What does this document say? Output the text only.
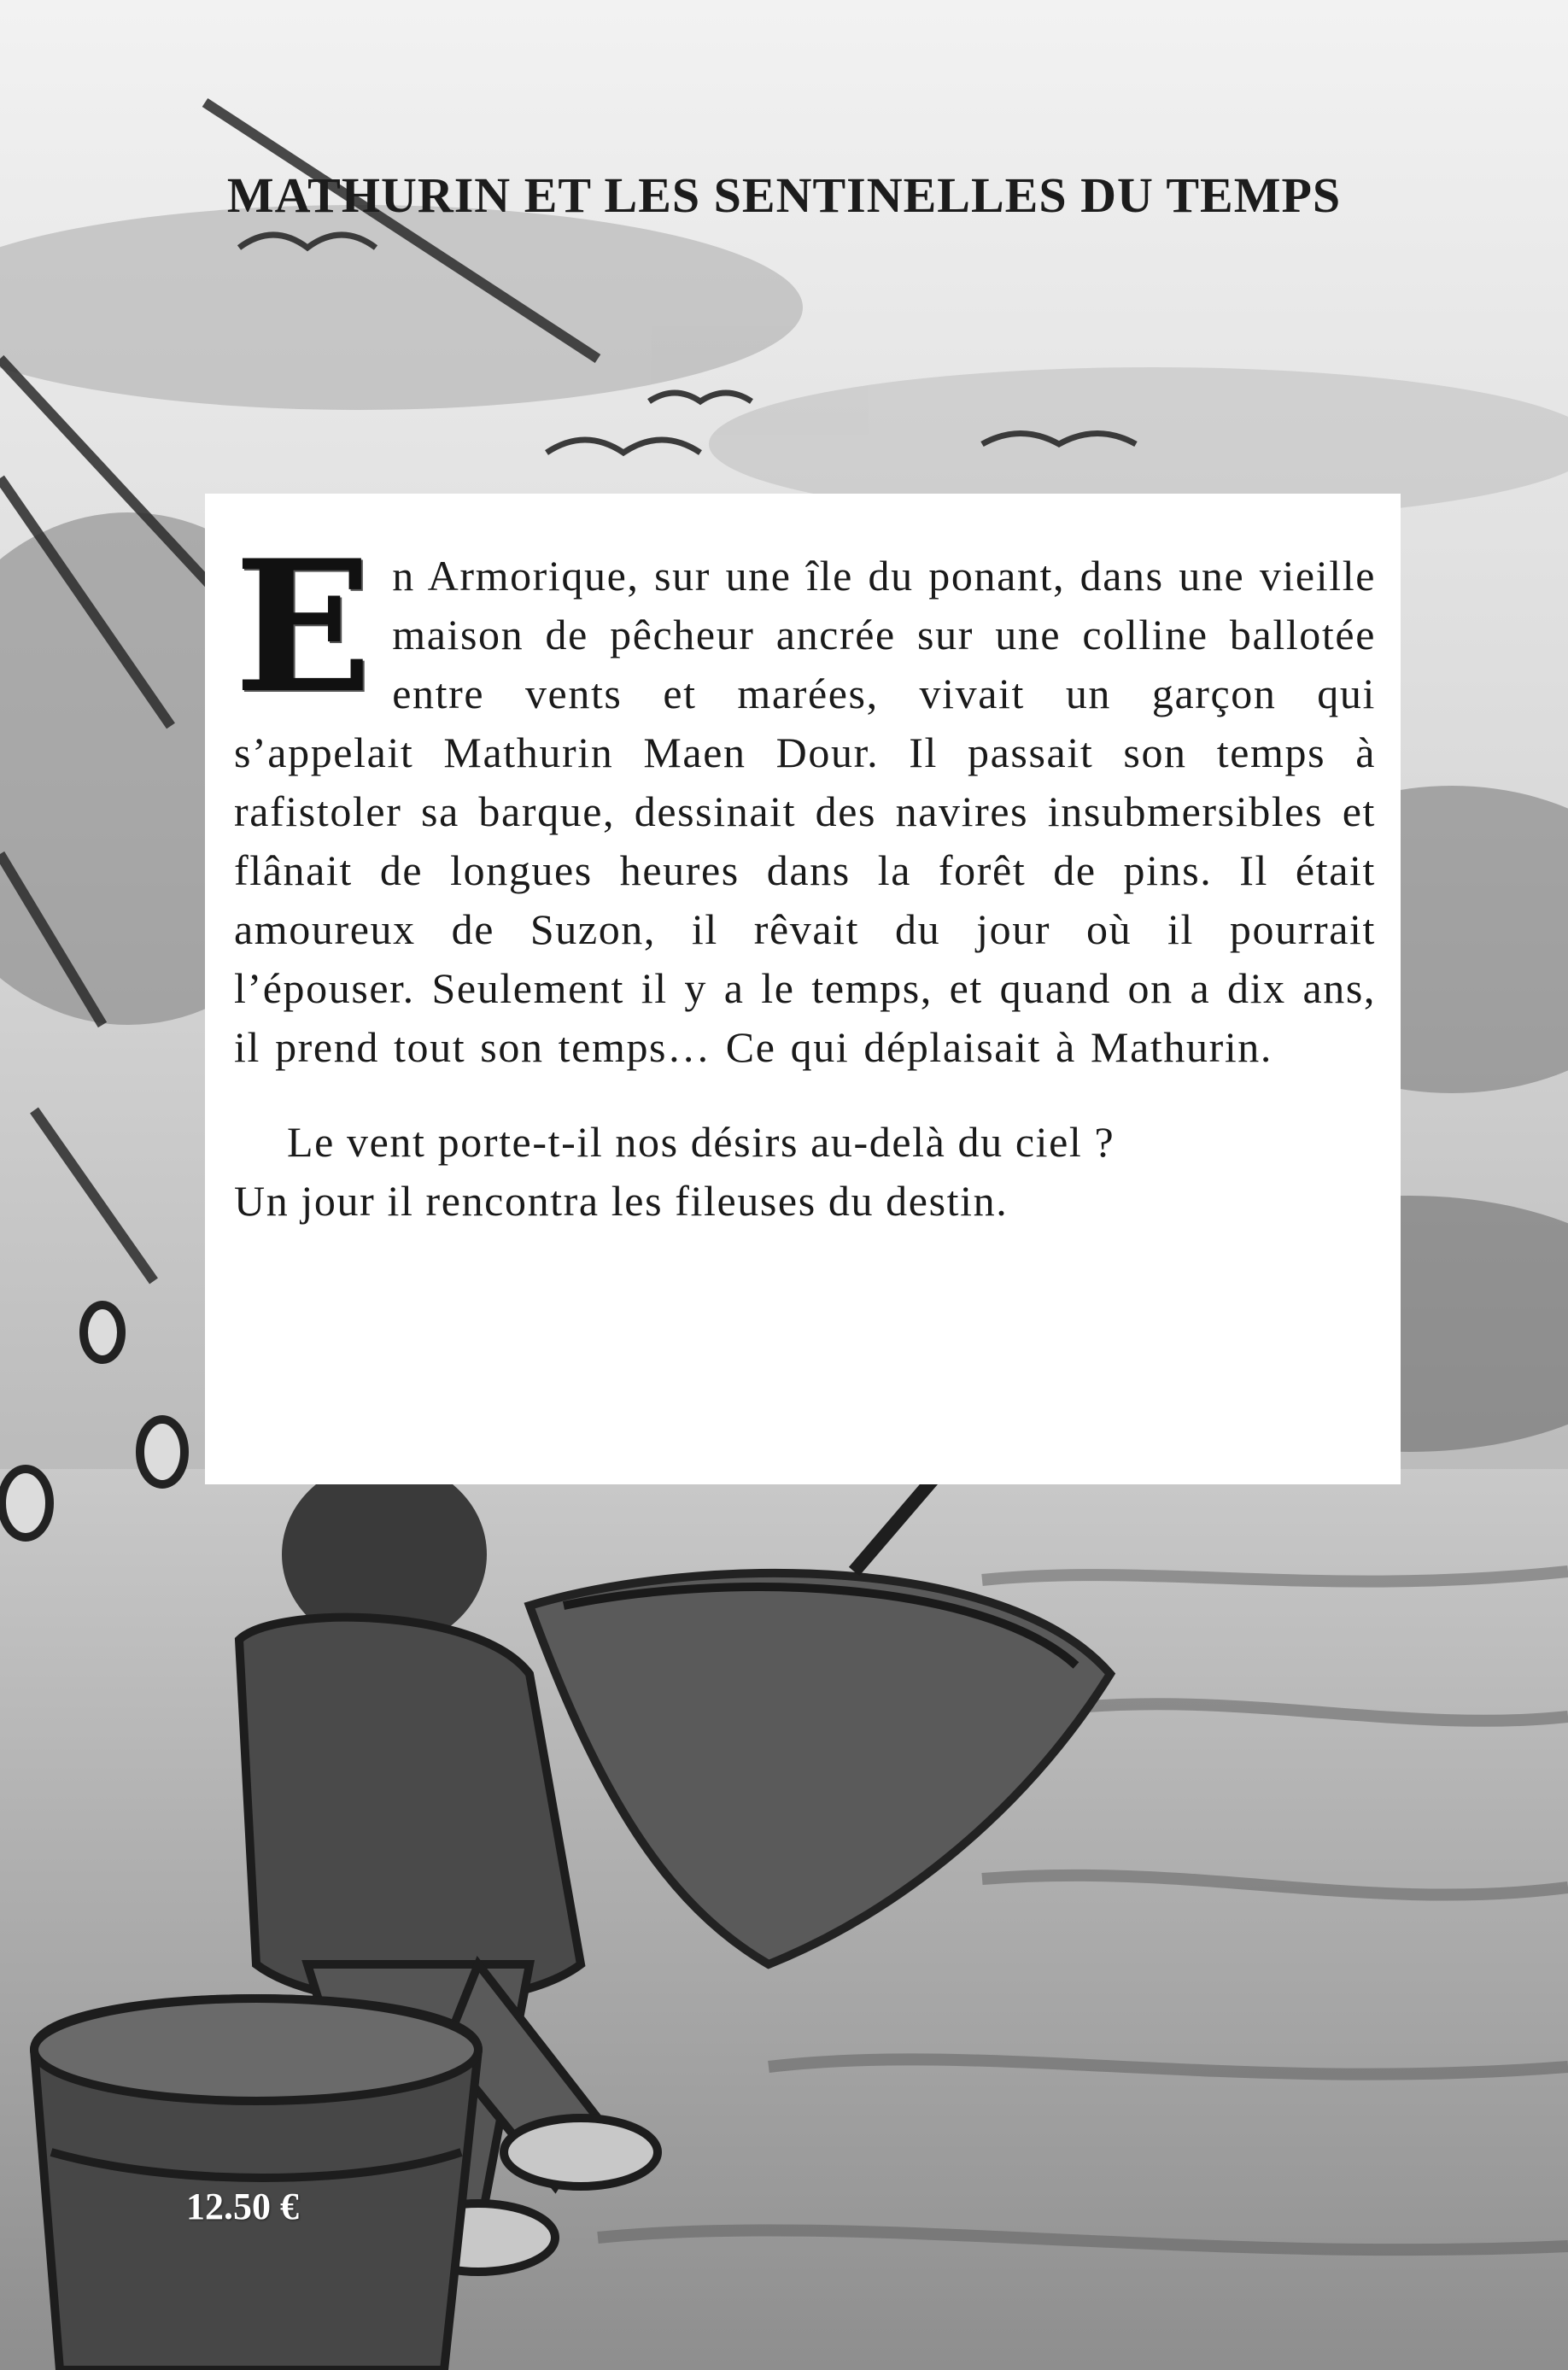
MATHURIN ET LES SENTINELLES DU TEMPS

En Armorique, sur une île du ponant, dans une vieille maison de pêcheur ancrée sur une colline ballotée entre vents et marées, vivait un garçon qui s’appelait Mathurin Maen Dour. Il passait son temps à rafistoler sa barque, dessinait des navires insubmersibles et flânait de longues heures dans la forêt de pins. Il était amoureux de Suzon, il rêvait du jour où il pourrait l’épouser. Seulement il y a le temps, et quand on a dix ans, il prend tout son temps… Ce qui déplaisait à Mathurin.

Le vent porte-t-il nos désirs au-delà du ciel ?
Un jour il rencontra les fileuses du destin.

12.50 €
